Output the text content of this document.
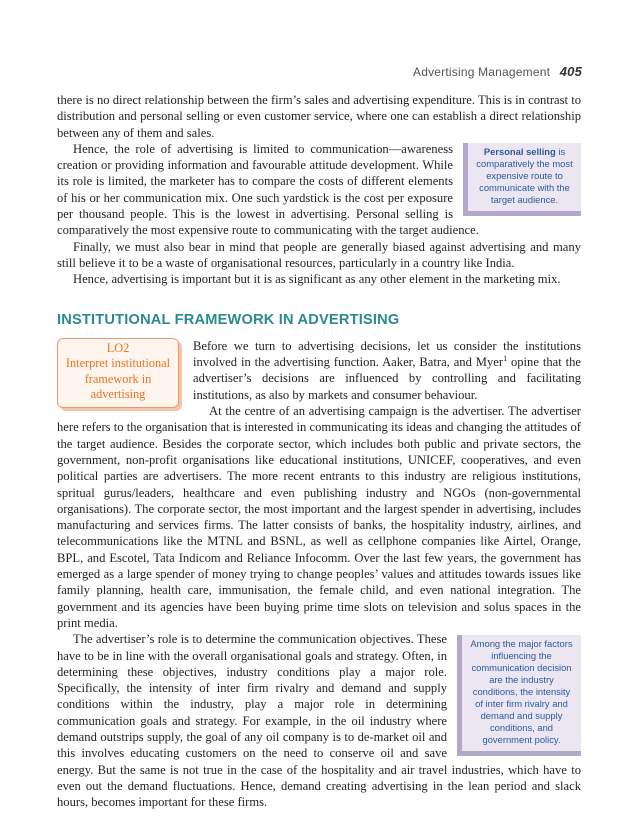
Advertising Management 405

there is no direct relationship between the firm’s sales and advertising expenditure. This is in contrast to distribution and personal selling or even customer service, where one can establish a direct relationship between any of them and sales.

Personal selling is comparatively the most expensive route to communicate with the target audience.

Hence, the role of advertising is limited to communication—awareness creation or providing information and favourable attitude development. While its role is limited, the marketer has to compare the costs of different elements of his or her communication mix. One such yardstick is the cost per exposure per thousand people. This is the lowest in advertising. Personal selling is comparatively the most expensive route to communicating with the target audience.

Finally, we must also bear in mind that people are generally biased against advertising and many still believe it to be a waste of organisational resources, particularly in a country like India.

Hence, advertising is important but it is as significant as any other element in the marketing mix.

INSTITUTIONAL FRAMEWORK IN ADVERTISING
LO2
Interpret institutional framework in advertising

Before we turn to advertising decisions, let us consider the institutions involved in the advertising function. Aaker, Batra, and Myer$^1$ opine that the advertiser’s decisions are influenced by controlling and facilitating institutions, as also by markets and consumer behaviour.

At the centre of an advertising campaign is the advertiser. The advertiser here refers to the organisation that is interested in communicating its ideas and changing the attitudes of the target audience. Besides the corporate sector, which includes both public and private sectors, the government, non-profit organisations like educational institutions, UNICEF, cooperatives, and even political parties are advertisers. The more recent entrants to this industry are religious institutions, spritual gurus/leaders, healthcare and even publishing industry and NGOs (non-governmental organisations). The corporate sector, the most important and the largest spender in advertising, includes manufacturing and services firms. The latter consists of banks, the hospitality industry, airlines, and telecommunications like the MTNL and BSNL, as well as cellphone companies like Airtel, Orange, BPL, and Escotel, Tata Indicom and Reliance Infocomm. Over the last few years, the government has emerged as a large spender of money trying to change peoples’ values and attitudes towards issues like family planning, health care, immunisation, the female child, and even national integration. The government and its agencies have been buying prime time slots on television and solus spaces in the print media.

Among the major factors influencing the communication decision are the industry conditions, the intensity of inter firm rivalry and demand and supply conditions, and government policy.

The advertiser’s role is to determine the communication objectives. These have to be in line with the overall organisational goals and strategy. Often, in determining these objectives, industry conditions play a major role. Specifically, the intensity of inter firm rivalry and demand and supply conditions within the industry, play a major role in determining communication goals and strategy. For example, in the oil industry where demand outstrips supply, the goal of any oil company is to de-market oil and this involves educating customers on the need to conserve oil and save energy. But the same is not true in the case of the hospitality and air travel industries, which have to even out the demand fluctuations. Hence, demand creating advertising in the lean period and slack hours, becomes important for these firms.
